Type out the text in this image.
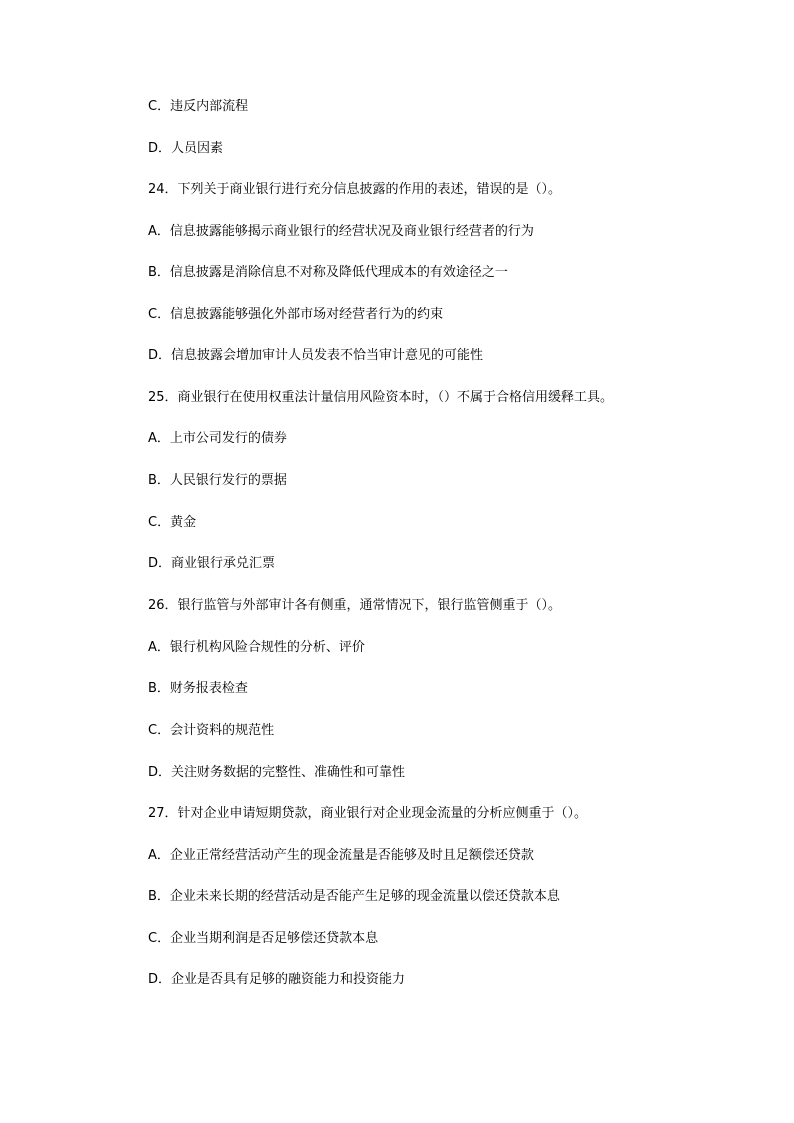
C．违反内部流程
D．人员因素
24．下列关于商业银行进行充分信息披露的作用的表述，错误的是（）。
A．信息披露能够揭示商业银行的经营状况及商业银行经营者的行为
B．信息披露是消除信息不对称及降低代理成本的有效途径之一
C．信息披露能够强化外部市场对经营者行为的约束
D．信息披露会增加审计人员发表不恰当审计意见的可能性
25．商业银行在使用权重法计量信用风险资本时，（）不属于合格信用缓释工具。
A．上市公司发行的债券
B．人民银行发行的票据
C．黄金
D．商业银行承兑汇票
26．银行监管与外部审计各有侧重，通常情况下，银行监管侧重于（）。
A．银行机构风险合规性的分析、评价
B．财务报表检查
C．会计资料的规范性
D．关注财务数据的完整性、准确性和可靠性
27．针对企业申请短期贷款，商业银行对企业现金流量的分析应侧重于（）。
A．企业正常经营活动产生的现金流量是否能够及时且足额偿还贷款
B．企业未来长期的经营活动是否能产生足够的现金流量以偿还贷款本息
C．企业当期利润是否足够偿还贷款本息
D．企业是否具有足够的融资能力和投资能力
